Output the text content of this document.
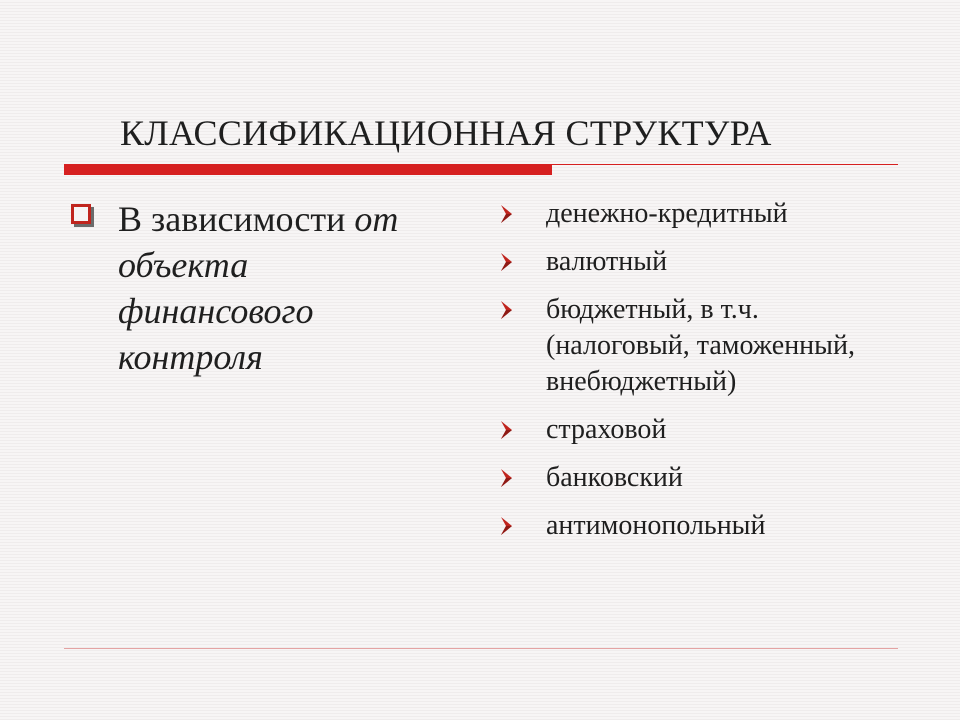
КЛАССИФИКАЦИОННАЯ СТРУКТУРА
В зависимости от
объекта
финансового
контроля
денежно-кредитный
валютный
бюджетный, в т.ч. (налоговый, таможенный, внебюджетный)
страховой
банковский
антимонопольный
